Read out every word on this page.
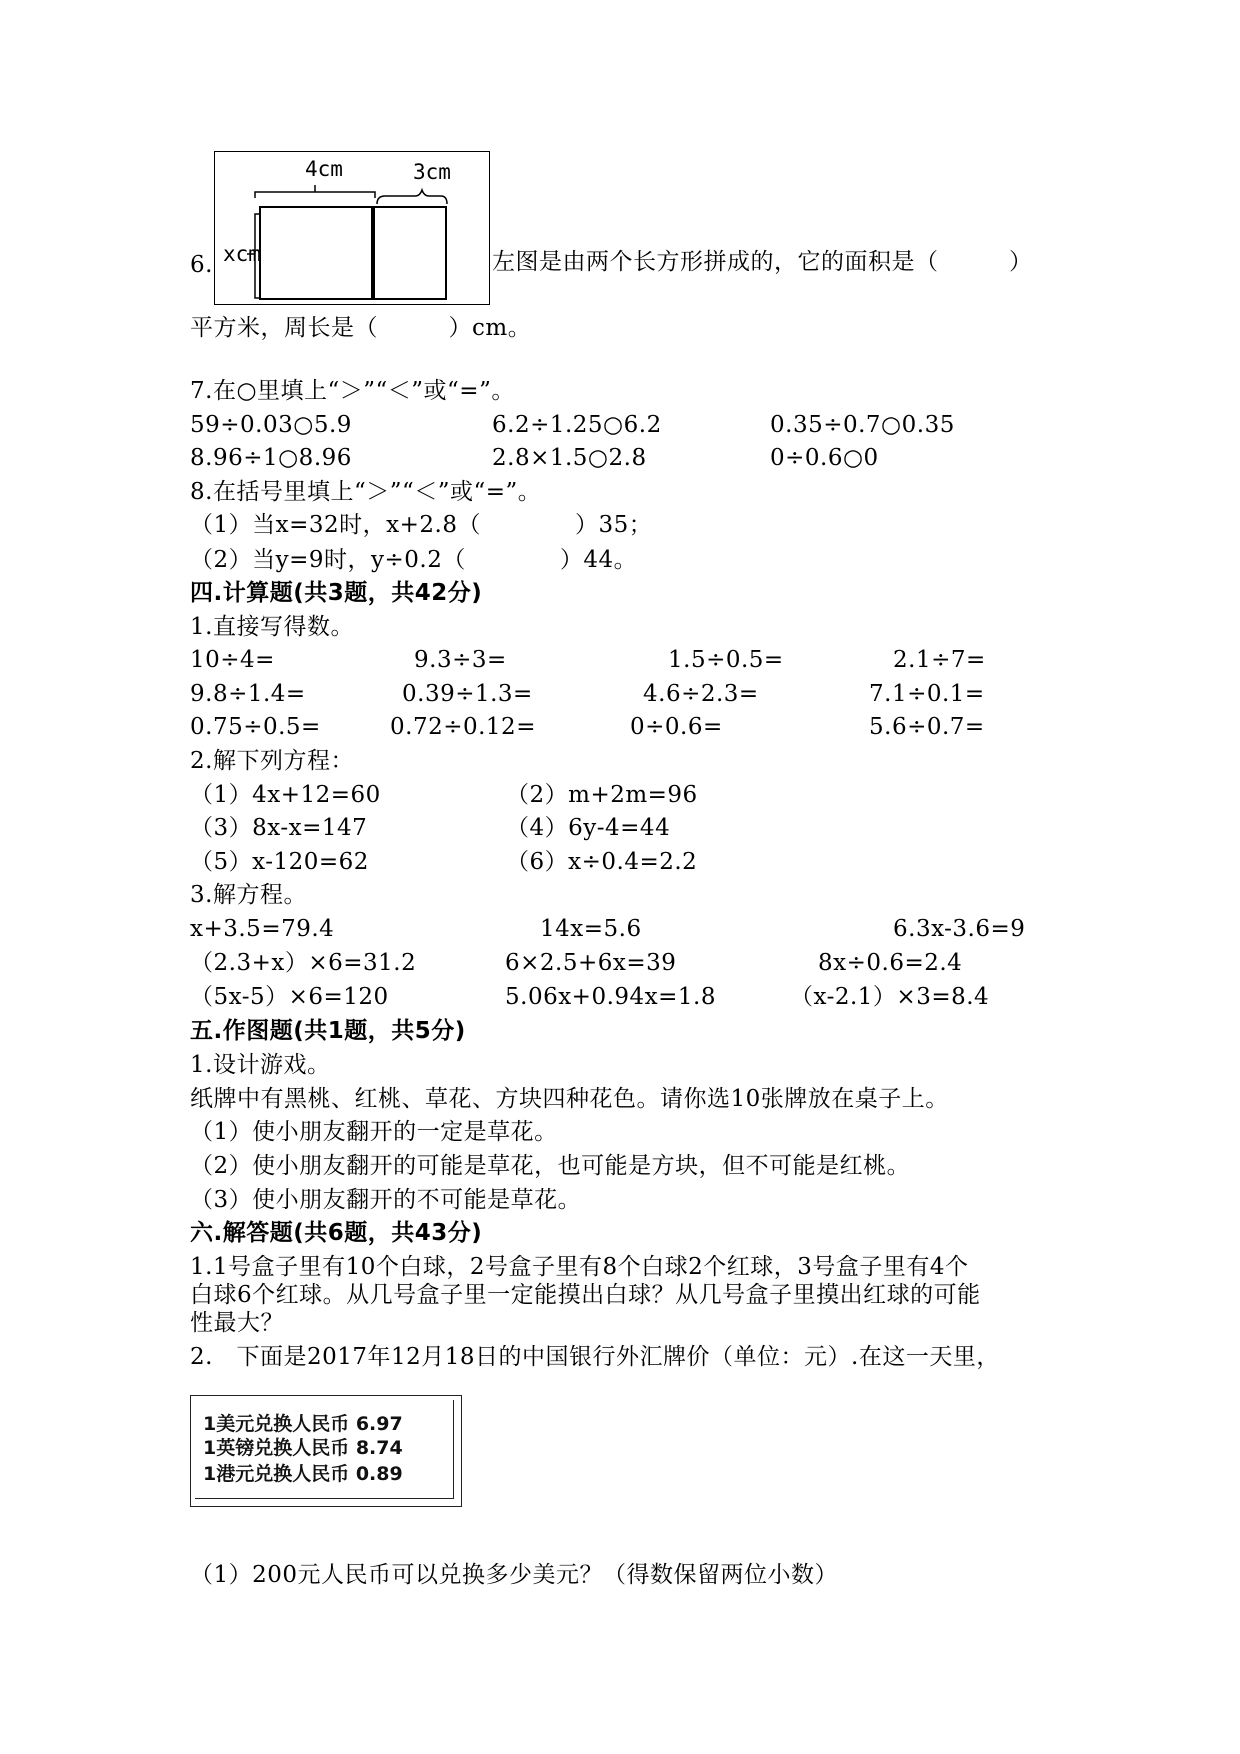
6.
4cm	3cm
xcm	左图是由两个长方形拼成的，它的面积是（　　　）
平方米，周长是（　　　）cm。
7.在○里填上“＞”“＜”或“=”。
59÷0.03○5.9	6.2÷1.25○6.2	0.35÷0.7○0.35
8.96÷1○8.96	2.8×1.5○2.8	0÷0.6○0
8.在括号里填上“＞”“＜”或“=”。
（1）当x=32时，x+2.8（　　　　）35；
（2）当y=9时，y÷0.2（　　　　）44。
四.计算题(共3题，共42分)
1.直接写得数。
10÷4=	9.3÷3=	1.5÷0.5=	2.1÷7=
9.8÷1.4=	0.39÷1.3=	4.6÷2.3=	7.1÷0.1=
0.75÷0.5=	0.72÷0.12=	0÷0.6=	5.6÷0.7=
2.解下列方程：
（1）4x+12=60	（2）m+2m=96
（3）8x-x=147	（4）6y-4=44
（5）x-120=62	（6）x÷0.4=2.2
3.解方程。
x+3.5=79.4	14x=5.6	6.3x-3.6=9
（2.3+x）×6=31.2	6×2.5+6x=39	8x÷0.6=2.4
（5x-5）×6=120	5.06x+0.94x=1.8	（x-2.1）×3=8.4
五.作图题(共1题，共5分)
1.设计游戏。
纸牌中有黑桃、红桃、草花、方块四种花色。请你选10张牌放在桌子上。
（1）使小朋友翻开的一定是草花。
（2）使小朋友翻开的可能是草花，也可能是方块，但不可能是红桃。
（3）使小朋友翻开的不可能是草花。
六.解答题(共6题，共43分)
1.1号盒子里有10个白球，2号盒子里有8个白球2个红球，3号盒子里有4个
白球6个红球。从几号盒子里一定能摸出白球？从几号盒子里摸出红球的可能
性最大？
2.　下面是2017年12月18日的中国银行外汇牌价（单位：元）.在这一天里，
1美元兑换人民币 6.97
1英镑兑换人民币 8.74
1港元兑换人民币 0.89
（1）200元人民币可以兑换多少美元？（得数保留两位小数）
